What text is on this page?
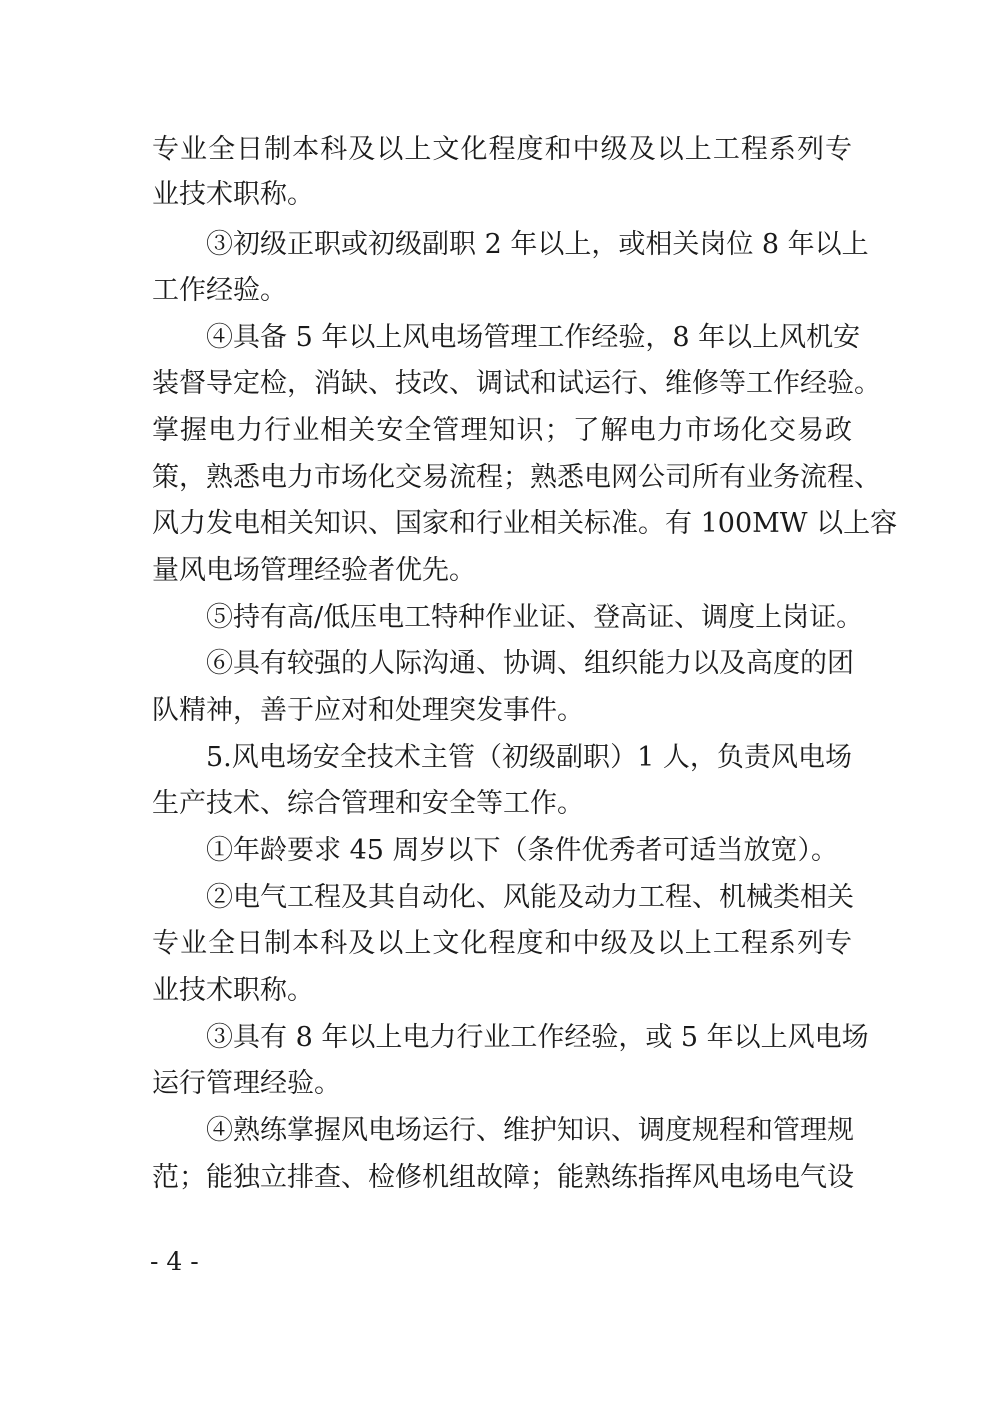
专业全日制本科及以上文化程度和中级及以上工程系列专
业技术职称。
③初级正职或初级副职 2 年以上，或相关岗位 8 年以上
工作经验。
④具备 5 年以上风电场管理工作经验，8 年以上风机安
装督导定检，消缺、技改、调试和试运行、维修等工作经验。
掌握电力行业相关安全管理知识；了解电力市场化交易政
策，熟悉电力市场化交易流程；熟悉电网公司所有业务流程、
风力发电相关知识、国家和行业相关标准。有 100MW 以上容
量风电场管理经验者优先。
⑤持有高/低压电工特种作业证、登高证、调度上岗证。
⑥具有较强的人际沟通、协调、组织能力以及高度的团
队精神，善于应对和处理突发事件。
5.风电场安全技术主管（初级副职）1 人，负责风电场
生产技术、综合管理和安全等工作。
①年龄要求 45 周岁以下（条件优秀者可适当放宽）。
②电气工程及其自动化、风能及动力工程、机械类相关
专业全日制本科及以上文化程度和中级及以上工程系列专
业技术职称。
③具有 8 年以上电力行业工作经验，或 5 年以上风电场
运行管理经验。
④熟练掌握风电场运行、维护知识、调度规程和管理规
范；能独立排查、检修机组故障；能熟练指挥风电场电气设
- 4 -
